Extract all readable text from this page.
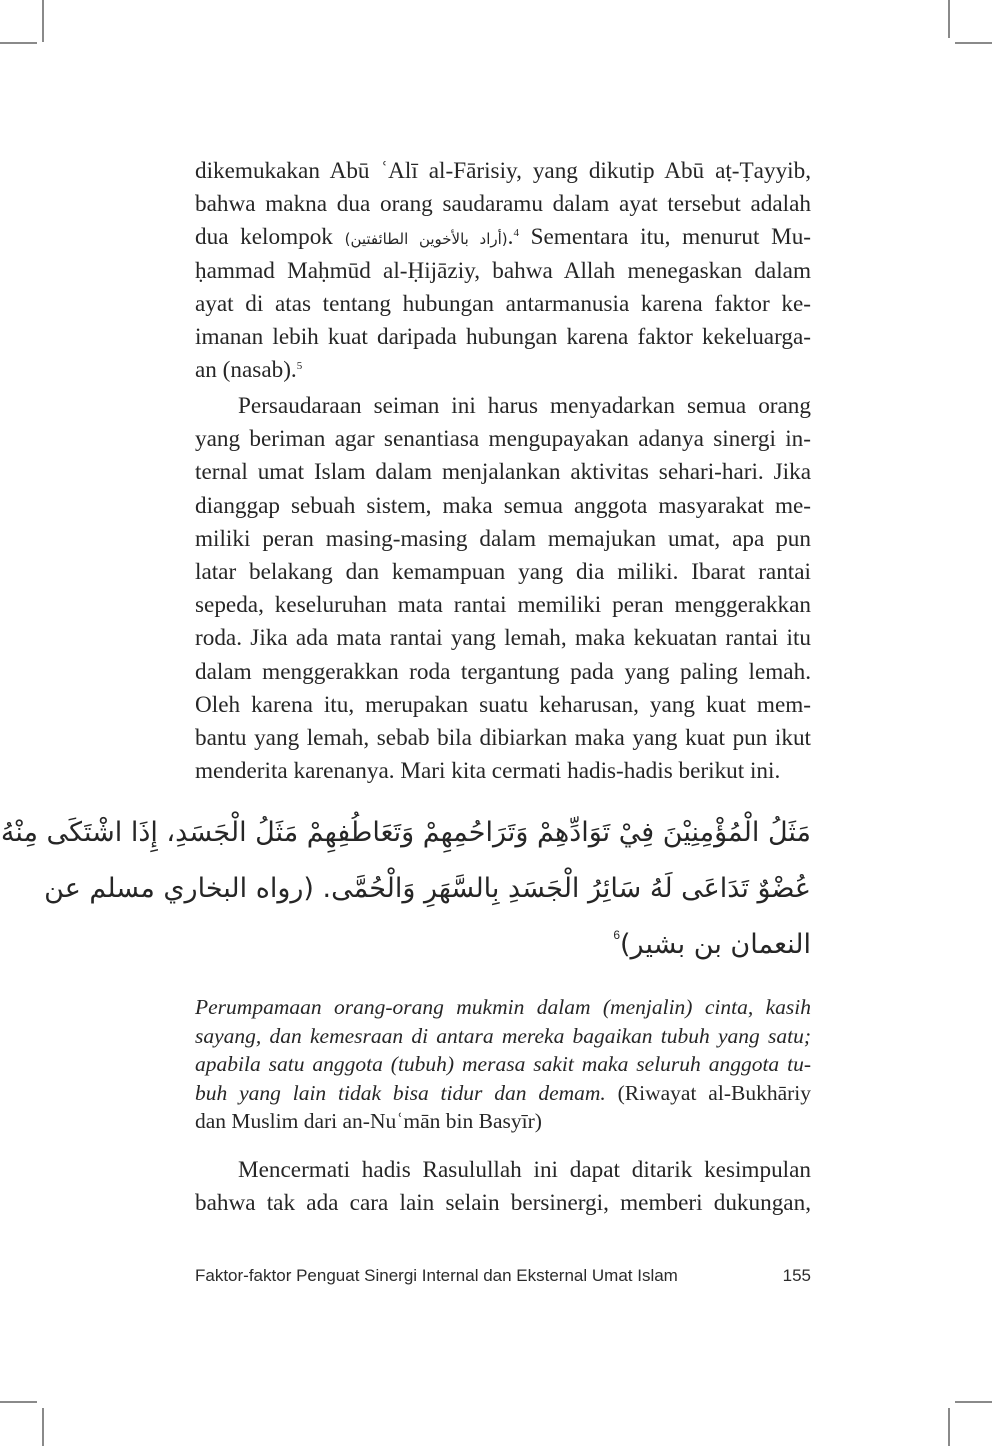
dikemukakan Abū ʿAlī al-Fārisiy, yang dikutip Abū aṭ-Ṭayyib,
bahwa makna dua orang saudaramu dalam ayat tersebut adalah
dua kelompok (أراد بالأخوين الطائفتين).$^4$ Sementara itu, menurut Mu-
ḥammad Maḥmūd al-Ḥijāziy, bahwa Allah menegaskan dalam
ayat di atas tentang hubungan antarmanusia karena faktor ke-
imanan lebih kuat daripada hubungan karena faktor kekeluarga-
an (nasab).$^5$
Persaudaraan seiman ini harus menyadarkan semua orang
yang beriman agar senantiasa mengupayakan adanya sinergi in-
ternal umat Islam dalam menjalankan aktivitas sehari-hari. Jika
dianggap sebuah sistem, maka semua anggota masyarakat me-
miliki peran masing-masing dalam memajukan umat, apa pun
latar belakang dan kemampuan yang dia miliki. Ibarat rantai
sepeda, keseluruhan mata rantai memiliki peran menggerakkan
roda. Jika ada mata rantai yang lemah, maka kekuatan rantai itu
dalam menggerakkan roda tergantung pada yang paling lemah.
Oleh karena itu, merupakan suatu keharusan, yang kuat mem-
bantu yang lemah, sebab bila dibiarkan maka yang kuat pun ikut
menderita karenanya. Mari kita cermati hadis-hadis berikut ini.
مَثَلُ الْمُؤْمِنِيْنَ فِيْ تَوَادِّهِمْ وَتَرَاحُمِهِمْ وَتَعَاطُفِهِمْ مَثَلُ الْجَسَدِ، إِذَا اشْتَكَى مِنْهُ
عُضْوٌ تَدَاعَى لَهُ سَائِرُ الْجَسَدِ بِالسَّهَرِ وَالْحُمَّى. (رواه البخاري مسلم عن
النعمان بن بشير)$^6$
Perumpamaan orang-orang mukmin dalam (menjalin) cinta, kasih
sayang, dan kemesraan di antara mereka bagaikan tubuh yang satu;
apabila satu anggota (tubuh) merasa sakit maka seluruh anggota tu-
buh yang lain tidak bisa tidur dan demam. (Riwayat al-Bukhāriy
dan Muslim dari an-Nuʿmān bin Basyīr)
Mencermati hadis Rasulullah ini dapat ditarik kesimpulan
bahwa tak ada cara lain selain bersinergi, memberi dukungan,
Faktor-faktor Penguat Sinergi Internal dan Eksternal Umat Islam	155
